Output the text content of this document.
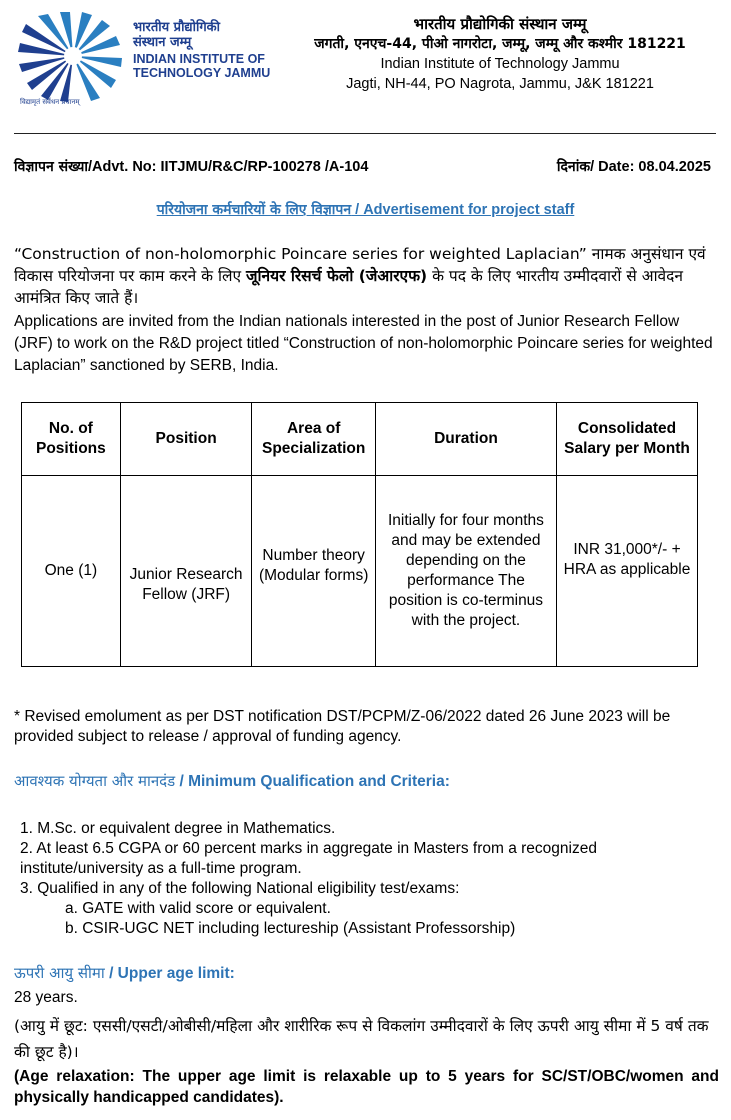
विद्यामृतं सर्वधन प्रधानम्
भारतीय प्रौद्योगिकी
संस्थान जम्मू
INDIAN INSTITUTE OF
TECHNOLOGY JAMMU
भारतीय प्रौद्योगिकी संस्थान जम्मू
जगती, एनएच-44, पीओ नागरोटा, जम्मू, जम्मू और कश्मीर 181221
Indian Institute of Technology Jammu
Jagti, NH-44, PO Nagrota, Jammu, J&K 181221
विज्ञापन संख्या/Advt. No: IITJMU/R&C/RP-100278 /A-104	दिनांक/ Date: 08.04.2025
परियोजना कर्मचारियों के लिए विज्ञापन / Advertisement for project staff
“Construction of non-holomorphic Poincare series for weighted Laplacian” नामक अनुसंधान एवं विकास परियोजना पर काम करने के लिए जूनियर रिसर्च फेलो (जेआरएफ) के पद के लिए भारतीय उम्मीदवारों से आवेदन आमंत्रित किए जाते हैं।
Applications are invited from the Indian nationals interested in the post of Junior Research Fellow (JRF) to work on the R&D project titled “Construction of non-holomorphic Poincare series for weighted Laplacian” sanctioned by SERB, India.
No. of Positions	Position	Area of Specialization	Duration	Consolidated Salary per Month
One (1)	Junior Research Fellow (JRF)	Number theory (Modular forms)	Initially for four months and may be extended depending on the performance The position is co-terminus with the project.	INR 31,000*/- + HRA as applicable
* Revised emolument as per DST notification DST/PCPM/Z-06/2022 dated 26 June 2023 will be provided subject to release / approval of funding agency.
आवश्यक योग्यता और मानदंड / Minimum Qualification and Criteria:
1. M.Sc. or equivalent degree in Mathematics.
2. At least 6.5 CGPA or 60 percent marks in aggregate in Masters from a recognized institute/university as a full-time program.
3. Qualified in any of the following National eligibility test/exams:
a. GATE with valid score or equivalent.
b. CSIR-UGC NET including lectureship (Assistant Professorship)
ऊपरी आयु सीमा / Upper age limit:
28 years.
(आयु में छूट: एससी/एसटी/ओबीसी/महिला और शारीरिक रूप से विकलांग उम्मीदवारों के लिए ऊपरी आयु सीमा में 5 वर्ष तक की छूट है)।
(Age relaxation: The upper age limit is relaxable up to 5 years for SC/ST/OBC/women and physically handicapped candidates).
